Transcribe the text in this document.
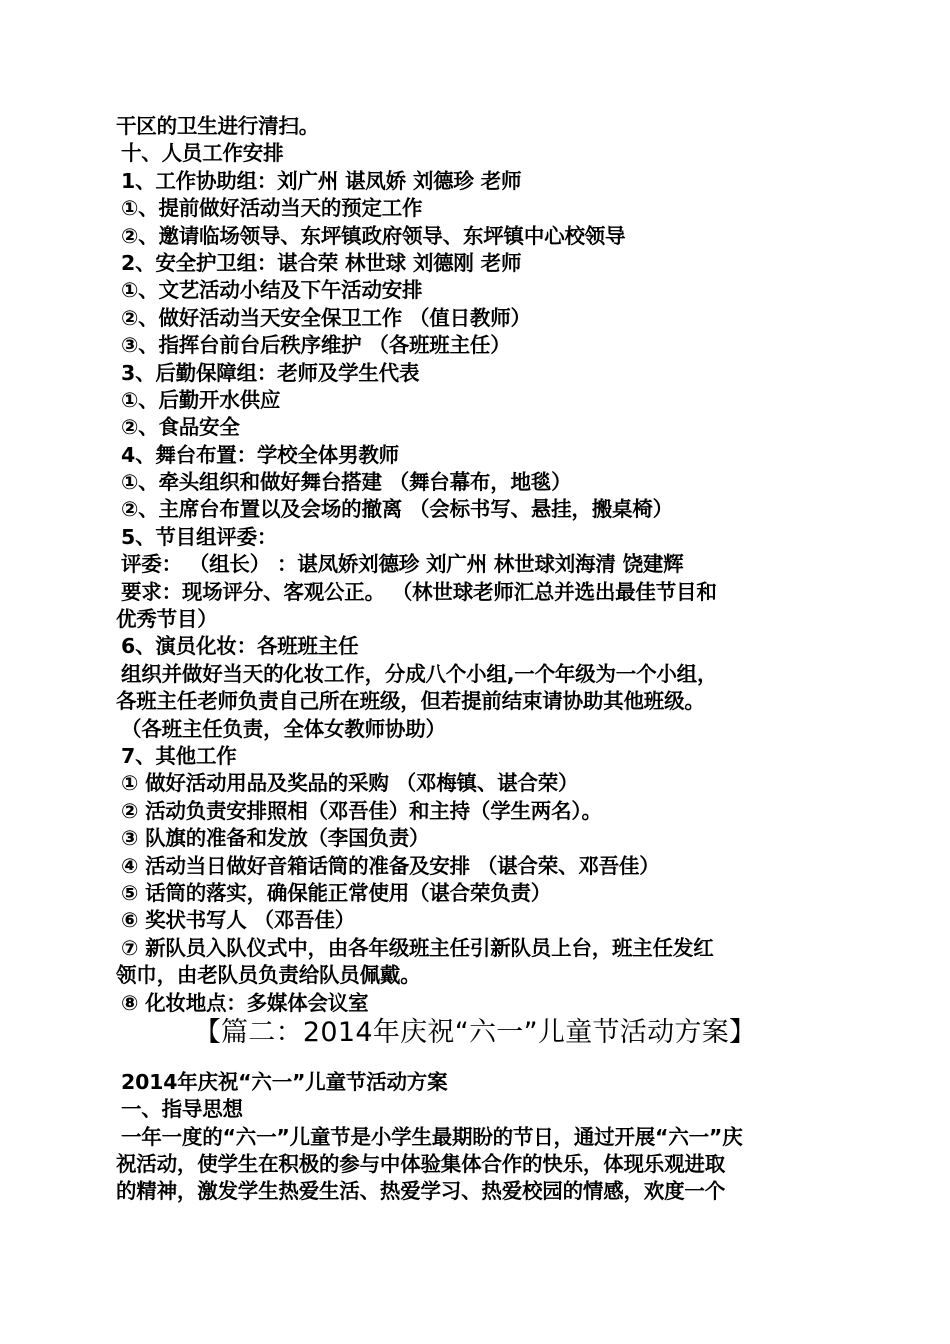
干区的卫生进行清扫。
十、人员工作安排
1、工作协助组：刘广州 谌凤娇 刘德珍 老师
①、提前做好活动当天的预定工作
②、邀请临场领导、东坪镇政府领导、东坪镇中心校领导
2、安全护卫组：谌合荣 林世球 刘德刚 老师
①、文艺活动小结及下午活动安排
②、做好活动当天安全保卫工作 （值日教师）
③、指挥台前台后秩序维护 （各班班主任）
3、后勤保障组：老师及学生代表
①、后勤开水供应
②、食品安全
4、舞台布置：学校全体男教师
①、牵头组织和做好舞台搭建 （舞台幕布，地毯）
②、主席台布置以及会场的撤离 （会标书写、悬挂，搬桌椅）
5、节目组评委：
评委： （组长） ：谌凤娇刘德珍 刘广州 林世球刘海清 饶建辉
要求：现场评分、客观公正。 （林世球老师汇总并选出最佳节目和
优秀节目）
6、演员化妆：各班班主任
组织并做好当天的化妆工作，分成八个小组,一个年级为一个小组，
各班主任老师负责自己所在班级，但若提前结束请协助其他班级。
（各班主任负责，全体女教师协助）
7、其他工作
① 做好活动用品及奖品的采购 （邓梅镇、谌合荣）
② 活动负责安排照相（邓吾佳）和主持（学生两名）。
③ 队旗的准备和发放（李国负责）
④ 活动当日做好音箱话筒的准备及安排 （谌合荣、邓吾佳）
⑤ 话筒的落实，确保能正常使用（谌合荣负责）
⑥ 奖状书写人 （邓吾佳）
⑦ 新队员入队仪式中，由各年级班主任引新队员上台，班主任发红
领巾，由老队员负责给队员佩戴。
⑧ 化妆地点：多媒体会议室
【篇二：2014年庆祝“六一”儿童节活动方案】
2014年庆祝“六一”儿童节活动方案
一、指导思想
一年一度的“六一”儿童节是小学生最期盼的节日，通过开展“六一”庆
祝活动，使学生在积极的参与中体验集体合作的快乐，体现乐观进取
的精神，激发学生热爱生活、热爱学习、热爱校园的情感，欢度一个
